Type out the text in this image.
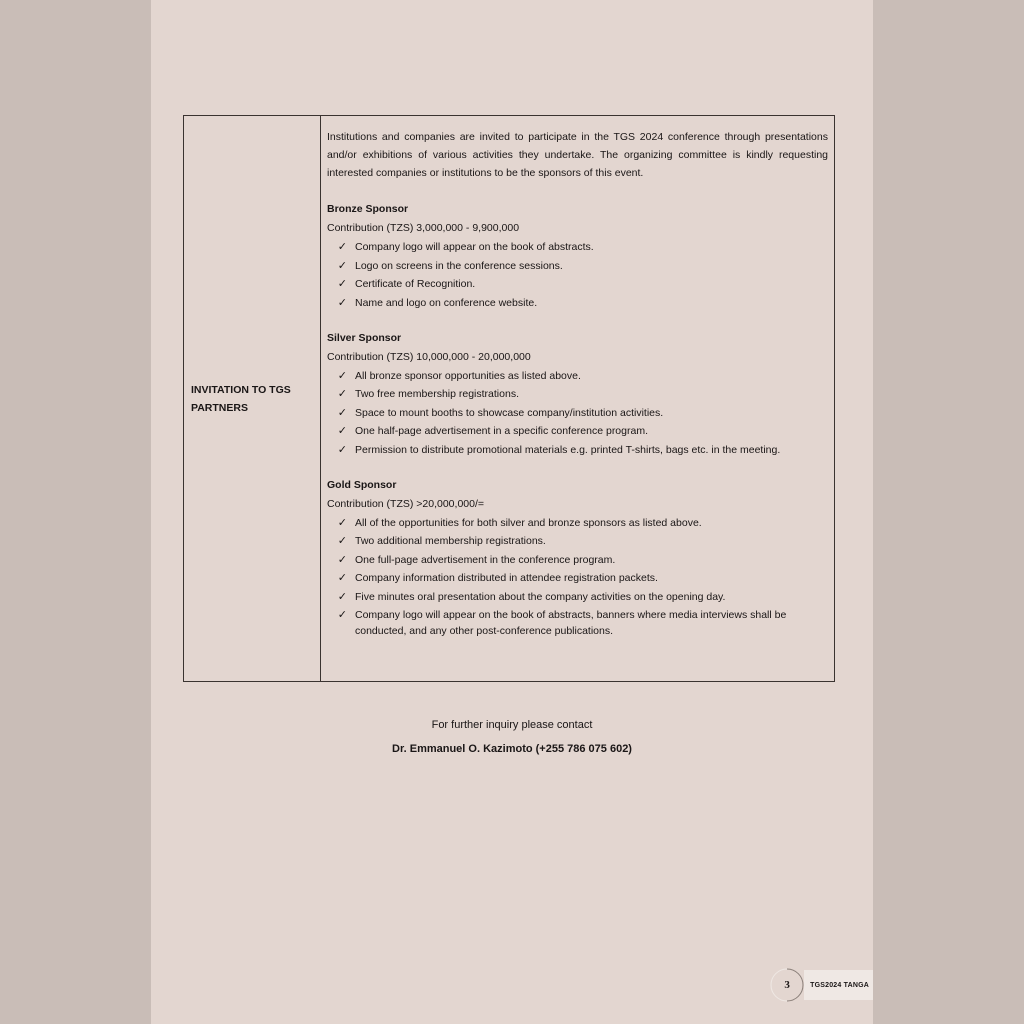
INVITATION TO TGS PARTNERS

Institutions and companies are invited to participate in the TGS 2024 conference through presentations and/or exhibitions of various activities they undertake. The organizing committee is kindly requesting interested companies or institutions to be the sponsors of this event.

Bronze Sponsor

Contribution (TZS) 3,000,000 - 9,900,000

✓ Company logo will appear on the book of abstracts.
✓ Logo on screens in the conference sessions.
✓ Certificate of Recognition.
✓ Name and logo on conference website.

Silver Sponsor

Contribution (TZS) 10,000,000 - 20,000,000

✓ All bronze sponsor opportunities as listed above.
✓ Two free membership registrations.
✓ Space to mount booths to showcase company/institution activities.
✓ One half-page advertisement in a specific conference program.
✓ Permission to distribute promotional materials e.g. printed T-shirts, bags etc. in the meeting.

Gold Sponsor

Contribution (TZS) >20,000,000/=

✓ All of the opportunities for both silver and bronze sponsors as listed above.
✓ Two additional membership registrations.
✓ One full-page advertisement in the conference program.
✓ Company information distributed in attendee registration packets.
✓ Five minutes oral presentation about the company activities on the opening day.
✓ Company logo will appear on the book of abstracts, banners where media interviews shall be conducted, and any other post-conference publications.
For further inquiry please contact
Dr. Emmanuel O. Kazimoto (+255 786 075 602)
3	TGS2024 TANGA
